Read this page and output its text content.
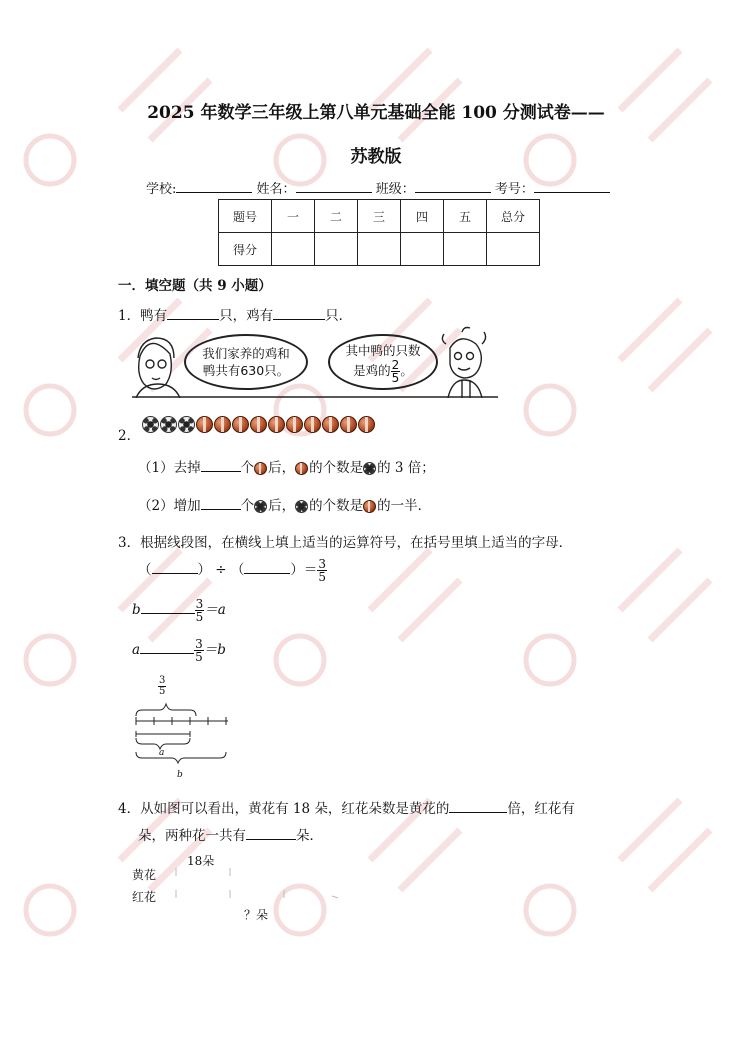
2025 年数学三年级上第八单元基础全能 100 分测试卷——
苏教版
学校:	姓名：	班级：	考号：
题号	一	二	三	四	五	总分
得分						
一．填空题（共 9 小题）
1．鸭有	只，鸡有	只．
我们家养的鸡和
鸭共有630只。
其中鸭的只数
是鸡的 $\frac{2}{5}$ 。
2．
（1）去掉	个 后， 的个数是 的 3 倍；
（2）增加	个 后， 的个数是 的一半．
3．根据线段图，在横线上填上适当的运算符号，在括号里填上适当的字母．
（	） ÷ （	）＝ $\frac{3}{5}$
b	$\frac{3}{5} =a$
a	$\frac{3}{5} =b$
$\frac{3}{5}$
a
b
4．从如图可以看出，黄花有 18 朵，红花朵数是黄花的	倍，红花有
朵，两种花一共有	朵．
18朵
黄花
红花
？朵
